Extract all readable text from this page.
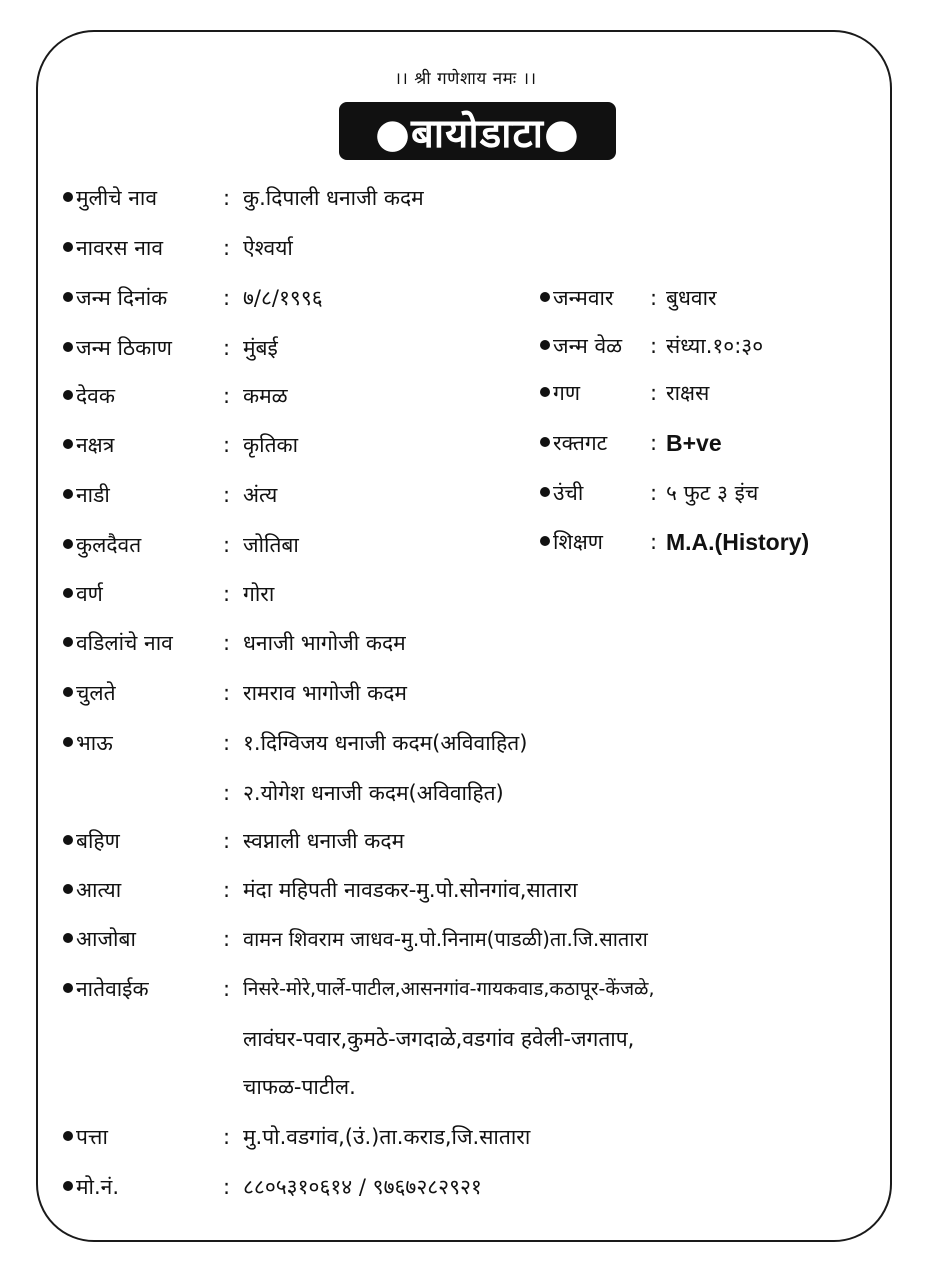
।। श्री गणेशाय नमः ।।
●बायोडाटा●
मुलीचे नाव	: कु.दिपाली धनाजी कदम
नावरस नाव	: ऐश्वर्या
जन्म दिनांक	: ७/८/१९९६
जन्म ठिकाण : मुंबई
देवक	: कमळ
नक्षत्र	: कृतिका
नाडी	: अंत्य
कुलदैवत	: जोतिबा
वर्ण	: गोरा
वडिलांचे नाव : धनाजी भागोजी कदम
चुलते	: रामराव भागोजी कदम
भाऊ	: १.दिग्विजय धनाजी कदम(अविवाहित)
: २.योगेश धनाजी कदम(अविवाहित)
जन्मवार : बुधवार
जन्म वेळ : संध्या.१०:३०
गण	: राक्षस
रक्तगट : B+ve
उंची	: ५ फुट ३ इंच
शिक्षण : M.A.(History)
बहिण	: स्वप्नाली धनाजी कदम
आत्या	: मंदा महिपती नावडकर-मु.पो.सोनगांव,सातारा
आजोबा	: वामन शिवराम जाधव-मु.पो.निनाम(पाडळी)ता.जि.सातारा
नातेवाईक	: निसरे-मोरे,पार्ले-पाटील,आसनगांव-गायकवाड,कठापूर-केंजळे,
लावंघर-पवार,कुमठे-जगदाळे,वडगांव हवेली-जगताप,
चाफळ-पाटील.
पत्ता	: मु.पो.वडगांव,(उं.)ता.कराड,जि.सातारा
मो.नं.	: ८८०५३१०६१४ / ९७६७२८२९२१
